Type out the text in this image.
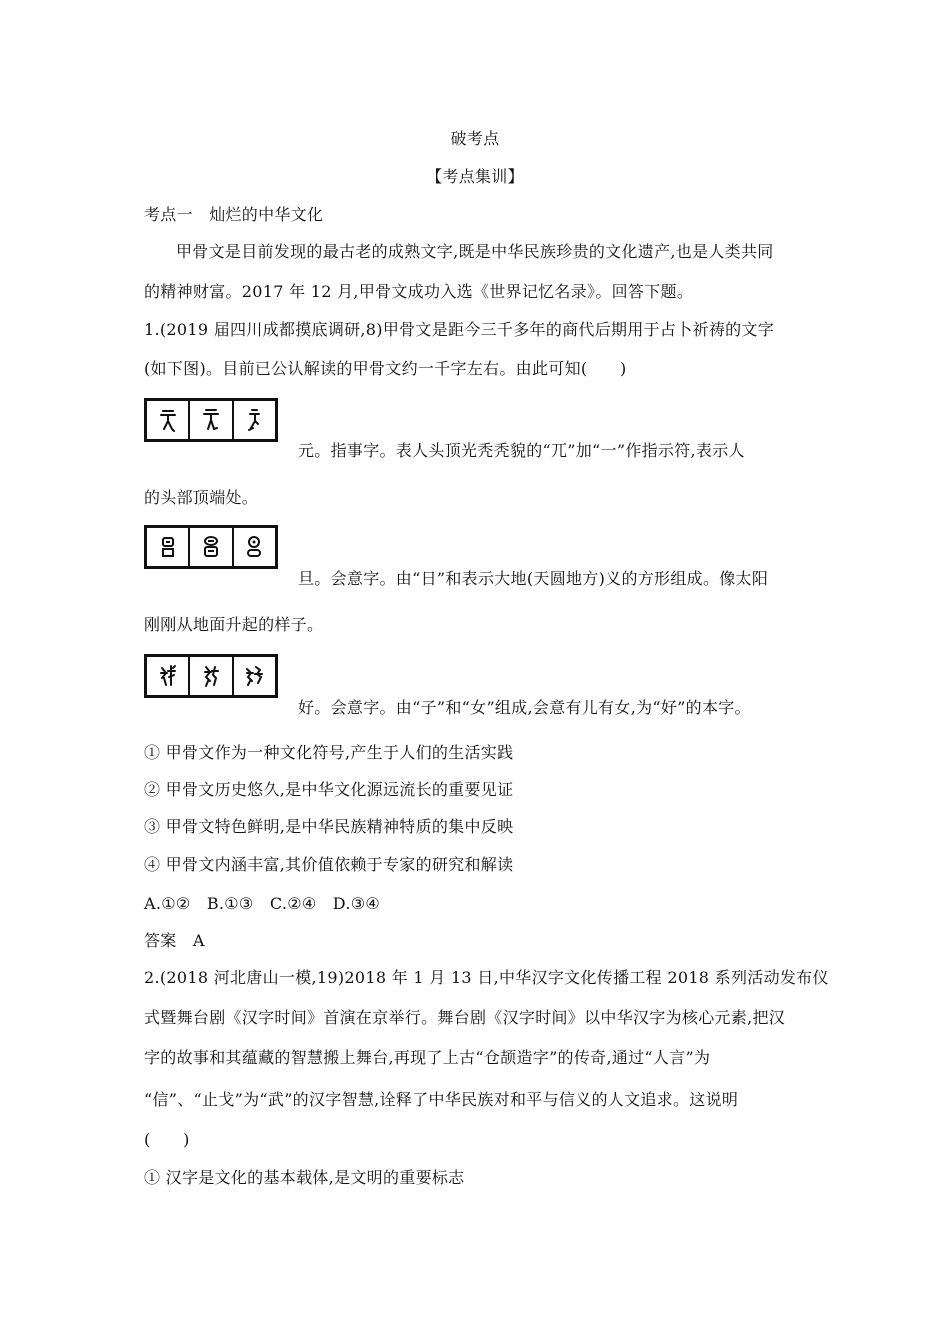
破考点
【考点集训】
考点一　灿烂的中华文化
甲骨文是目前发现的最古老的成熟文字,既是中华民族珍贵的文化遗产,也是人类共同
的精神财富。2017 年 12 月,甲骨文成功入选《世界记忆名录》。回答下题。
1.(2019 届四川成都摸底调研,8)甲骨文是距今三千多年的商代后期用于占卜祈祷的文字
(如下图)。目前已公认解读的甲骨文约一千字左右。由此可知(　　)
元。指事字。表人头顶光秃秃貌的“兀”加“一”作指示符,表示人
的头部顶端处。
旦。会意字。由“日”和表示大地(天圆地方)义的方形组成。像太阳
刚刚从地面升起的样子。
好。会意字。由“子”和“女”组成,会意有儿有女,为“好”的本字。
① 甲骨文作为一种文化符号,产生于人们的生活实践
② 甲骨文历史悠久,是中华文化源远流长的重要见证
③ 甲骨文特色鲜明,是中华民族精神特质的集中反映
④ 甲骨文内涵丰富,其价值依赖于专家的研究和解读
A.①②　B.①③　C.②④　D.③④
答案　A
2.(2018 河北唐山一模,19)2018 年 1 月 13 日,中华汉字文化传播工程 2018 系列活动发布仪
式暨舞台剧《汉字时间》首演在京举行。舞台剧《汉字时间》以中华汉字为核心元素,把汉
字的故事和其蕴藏的智慧搬上舞台,再现了上古“仓颉造字”的传奇,通过“人言”为
“信”、“止戈”为“武”的汉字智慧,诠释了中华民族对和平与信义的人文追求。这说明
(　　)
① 汉字是文化的基本载体,是文明的重要标志
